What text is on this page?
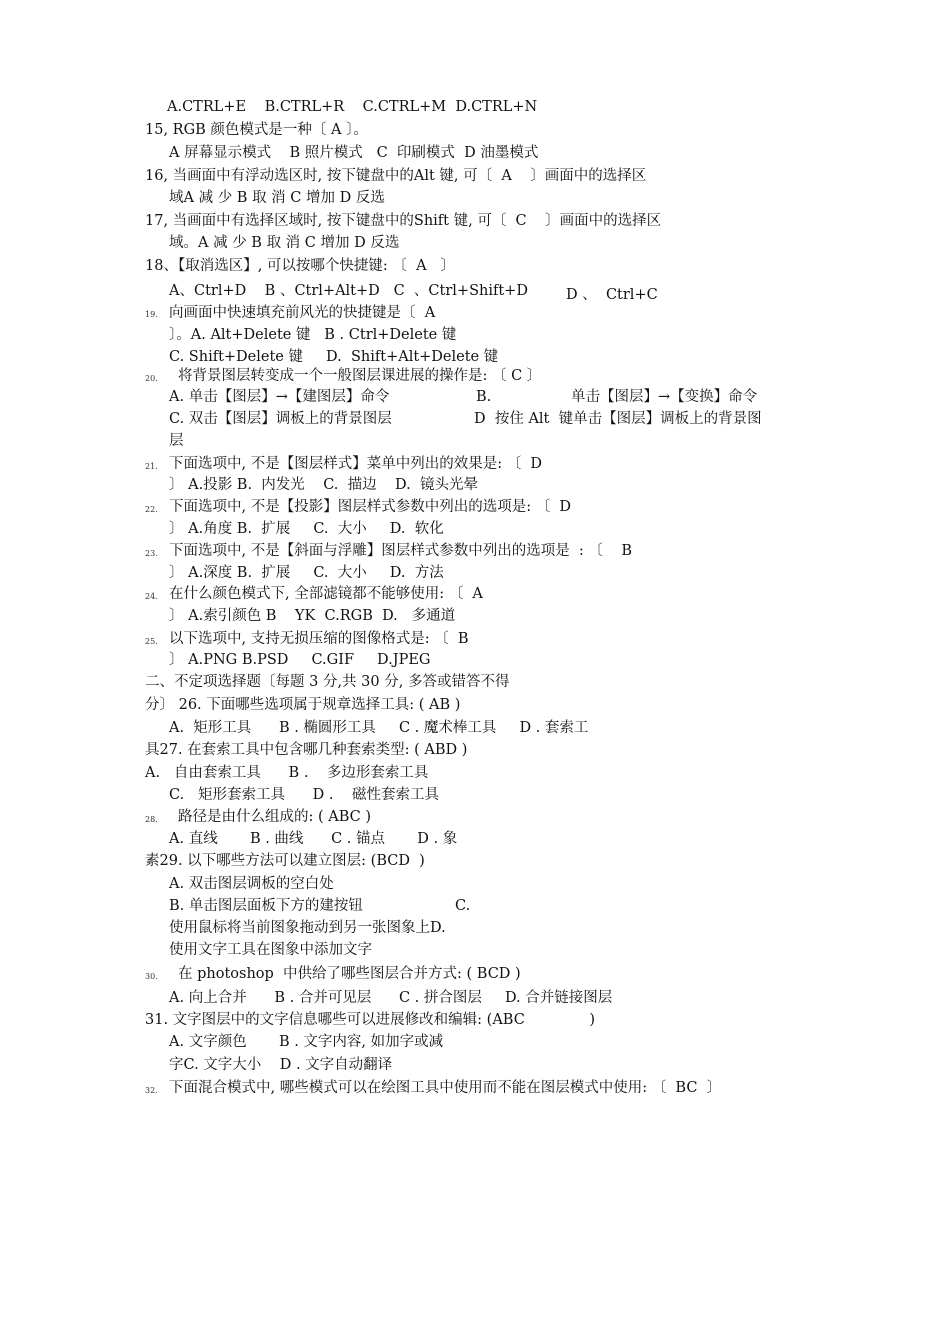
A.CTRL+E    B.CTRL+R    C.CTRL+M  D.CTRL+N
15, RGB 颜色模式是一种〔 A 〕。
A 屏幕显示模式    B 照片模式   C  印刷模式  D 油墨模式
16, 当画面中有浮动选区时, 按下键盘中的Alt 键, 可〔  A    〕画面中的选择区
域A 减 少 B 取 消 C 增加 D 反选
17, 当画面中有选择区域时, 按下键盘中的Shift 键, 可〔  C    〕画面中的选择区
域。A 减 少 B 取 消 C 增加 D 反选
18、【取消选区】, 可以按哪个快捷键: 〔  A   〕
A、Ctrl+D    B 、Ctrl+Alt+D   C  、Ctrl+Shift+D	D 、  Ctrl+C
19. 向画面中快速填充前风光的快捷键是〔  A
〕。A. Alt+Delete 键   B . Ctrl+Delete 键
C. Shift+Delete 键     D.  Shift+Alt+Delete 键
20. 将背景图层转变成一个一般图层课进展的操作是: 〔 C 〕
A. 单击【图层】→【建图层】命令	B.	单击【图层】→【变换】命令
C. 双击【图层】调板上的背景图层	D  按住 Alt  键单击【图层】调板上的背景图
层
21. 下面选项中, 不是【图层样式】菜单中列出的效果是: 〔  D
〕 A.投影 B.  内发光    C.  描边    D.  镜头光晕
22. 下面选项中, 不是【投影】图层样式参数中列出的选项是: 〔  D
〕 A.角度 B.  扩展     C.  大小     D.  软化
23. 下面选项中, 不是【斜面与浮雕】图层样式参数中列出的选项是  : 〔    B
〕 A.深度 B.  扩展     C.  大小     D.  方法
24. 在什么颜色模式下, 全部滤镜都不能够使用: 〔  A
〕 A.索引颜色 B    YK  C.RGB  D.   多通道
25. 以下选项中, 支持无损压缩的图像格式是: 〔  B
〕 A.PNG B.PSD     C.GIF     D.JPEG
二、不定项选择题〔每题 3 分,共 30 分, 多答或错答不得
分〕 26. 下面哪些选项属于规章选择工具: ( AB )
A.  矩形工具      B . 椭圆形工具     C . 魔术棒工具     D . 套索工
具27. 在套索工具中包含哪几种套索类型: ( ABD )
A.   自由套索工具      B .    多边形套索工具
C.   矩形套索工具      D .    磁性套索工具
28. 路径是由什么组成的: ( ABC )
A. 直线       B . 曲线      C . 锚点       D . 象
素29. 以下哪些方法可以建立图层: (BCD  )
A. 双击图层调板的空白处
B. 单击图层面板下方的建按钮	C.
使用鼠标将当前图象拖动到另一张图象上D.
使用文字工具在图象中添加文字
30. 在 photoshop  中供给了哪些图层合并方式: ( BCD )
A. 向上合并      B . 合并可见层      C . 拼合图层     D. 合并链接图层
31. 文字图层中的文字信息哪些可以进展修改和编辑: (ABC              )
A. 文字颜色       B . 文字内容, 如加字或减
字C. 文字大小    D . 文字自动翻译
32. 下面混合模式中, 哪些模式可以在绘图工具中使用而不能在图层模式中使用: 〔  BC  〕
